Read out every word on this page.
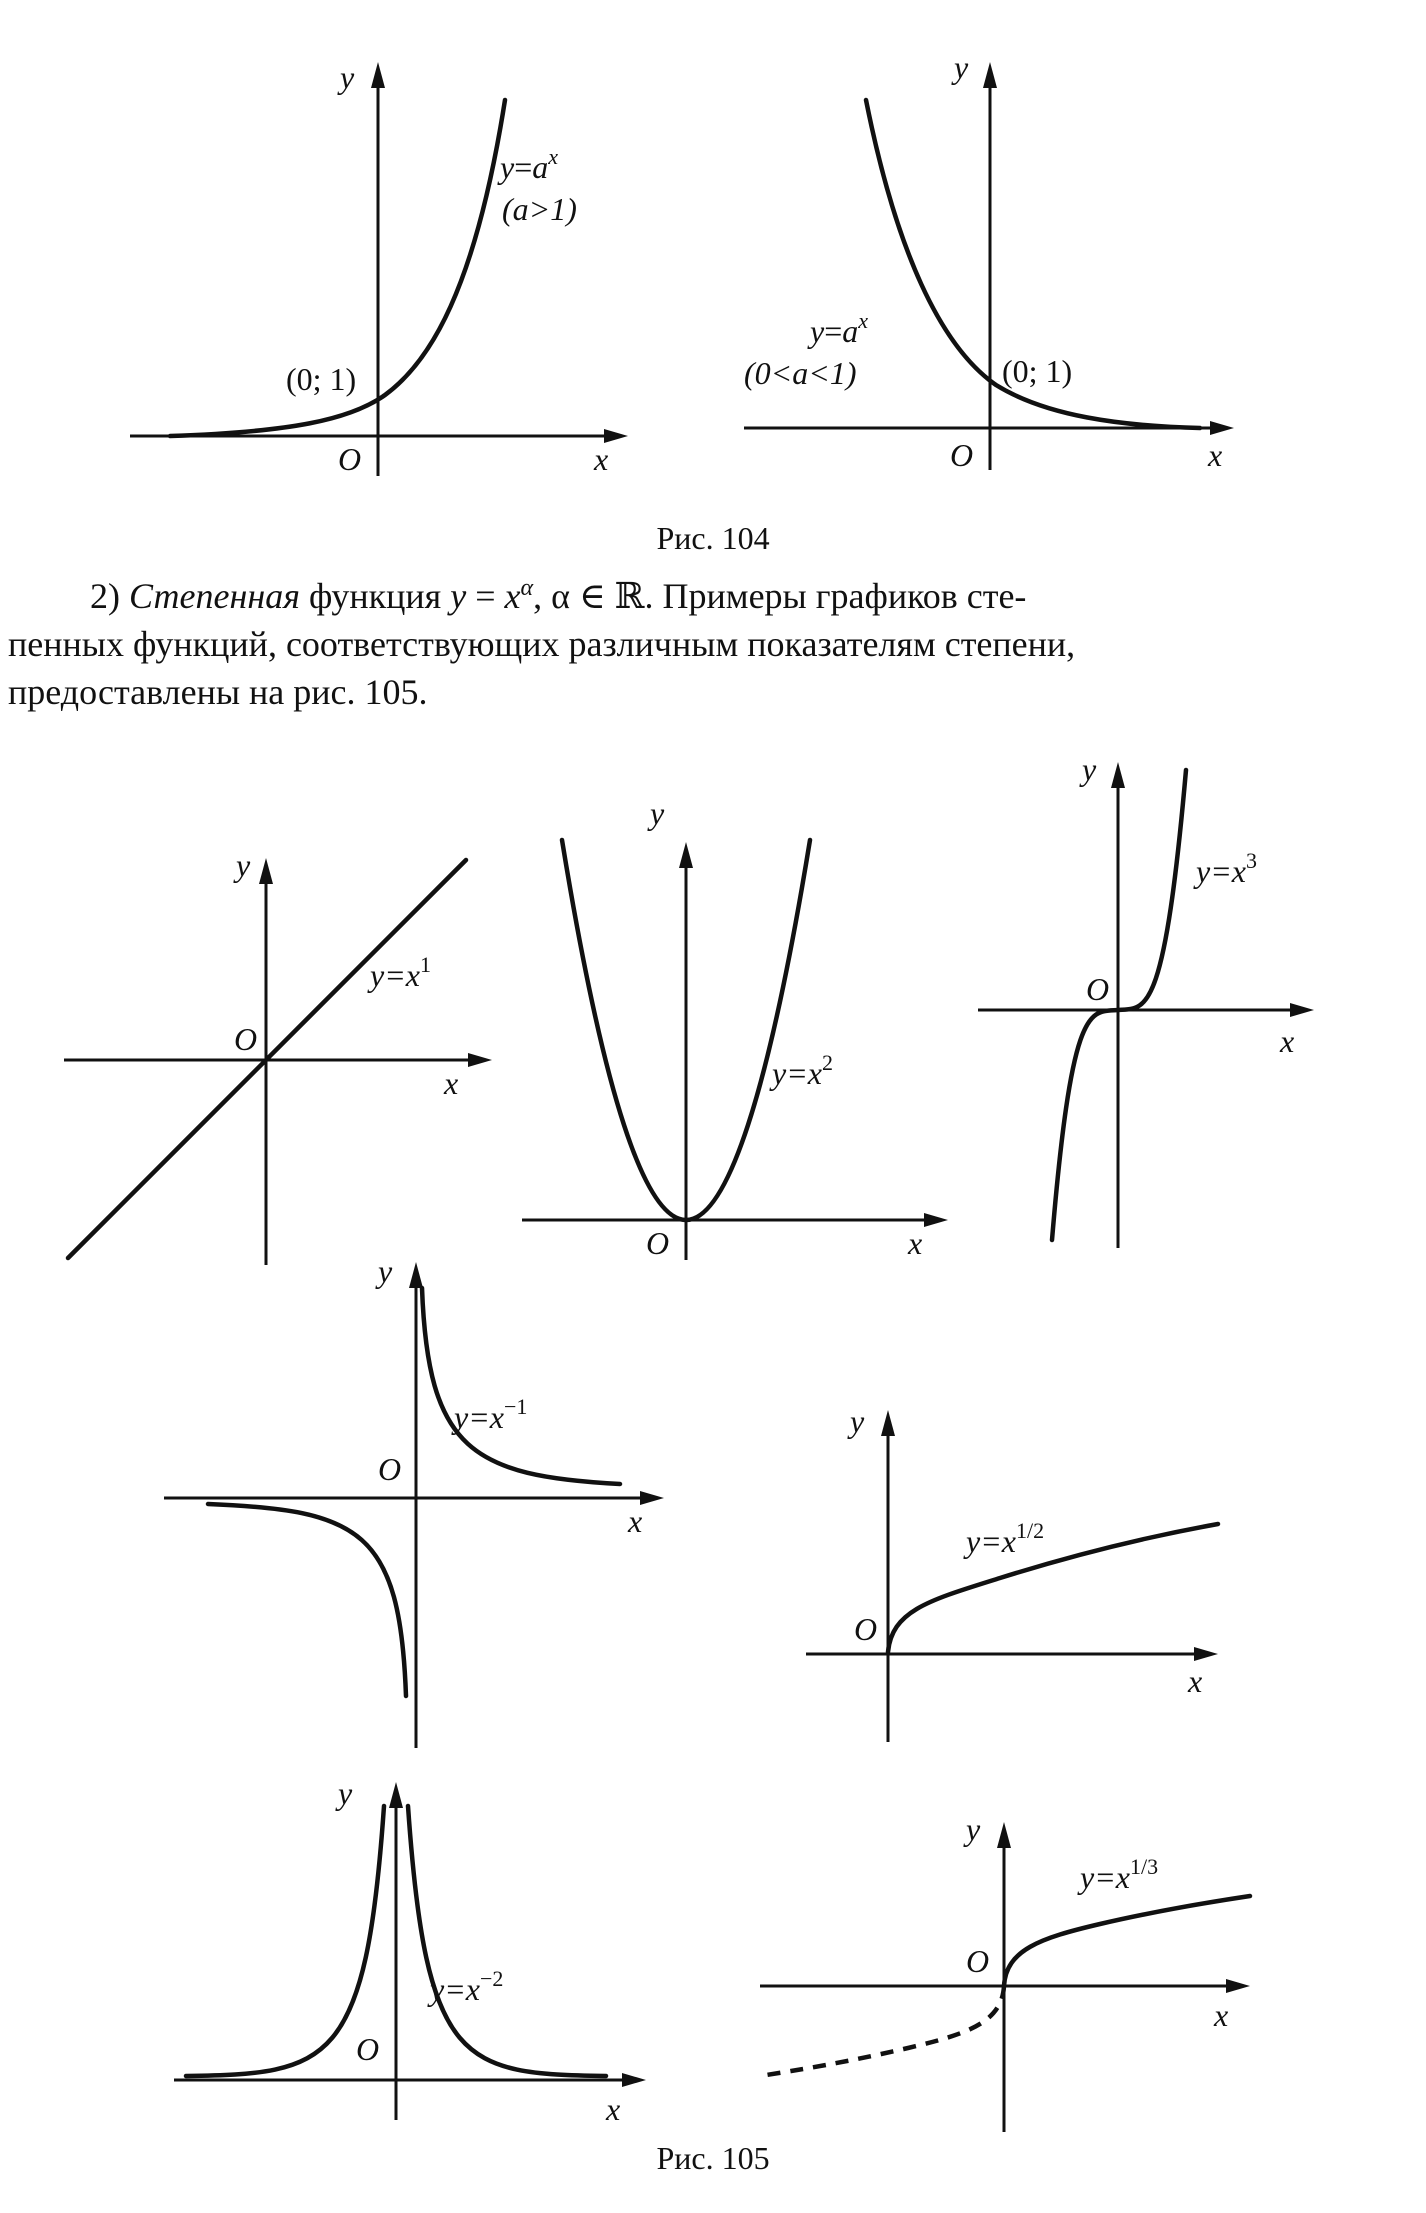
y
x
O
$y=a^x$
(a>1)
(0; 1)
y
x
O
$y=a^x$
(0<a<1)	(0; 1)
Рис. 104
2) Степенная функция $y = x^\alpha$, α ∈ ℝ. Примеры графиков сте-
пенных функций, соответствующих различным показателям степени,
предоставлены на рис. 105.
y
x
O
$y=x^1$
y
x
O
$y=x^2$
y
x
O
$y=x^3$
y
x
O
$y=x^{-1}$	y
x
O
$y=x^{1/2}$
y
x
O
$y=x^{-2}$
y
x
O
$y=x^{1/3}$
Рис. 105
